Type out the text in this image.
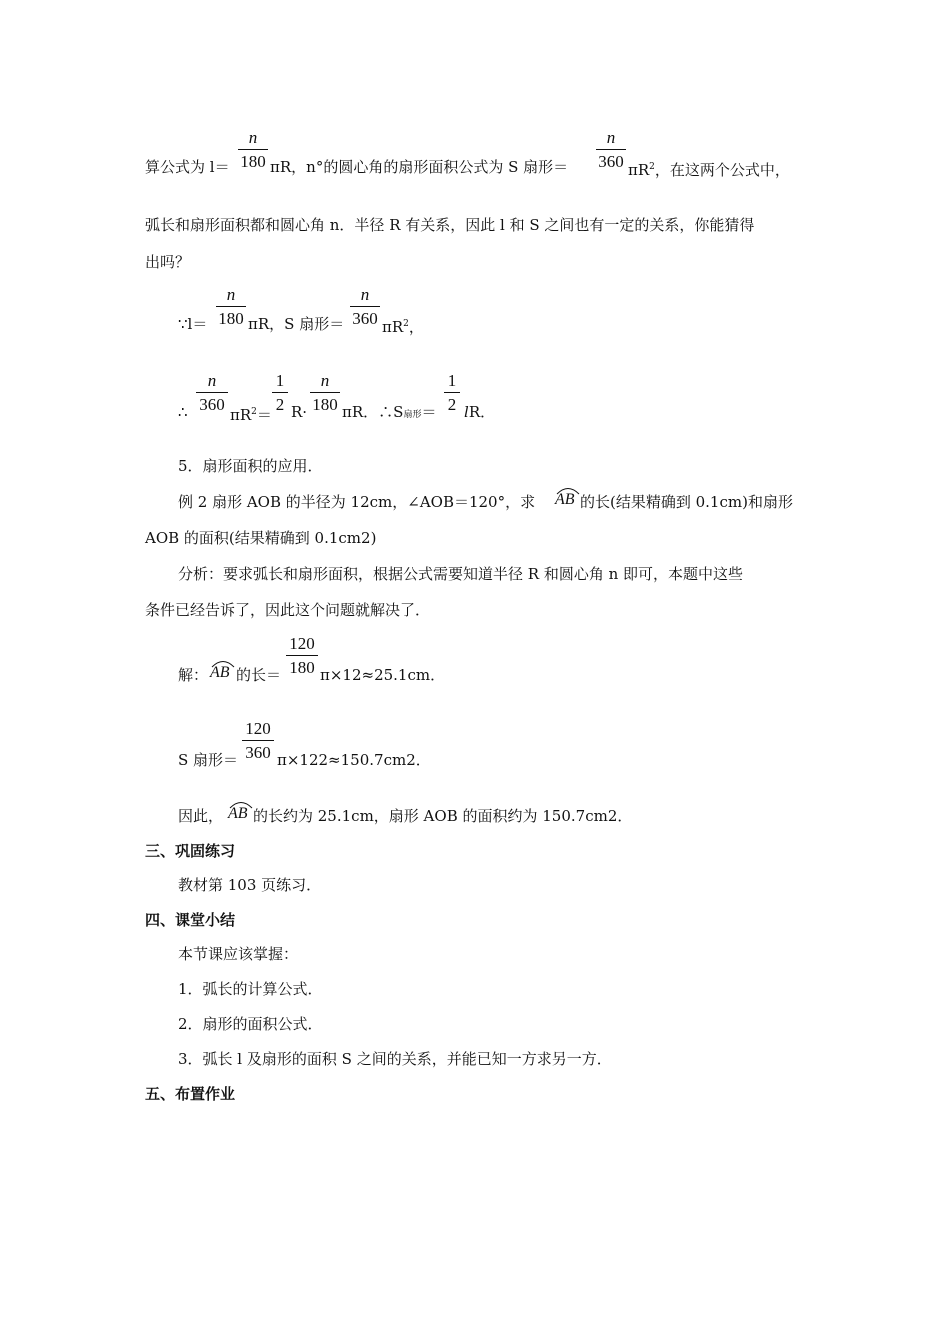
算公式为 l＝
n
180 πR，n°的圆心角的扇形面积公式为 S 扇形＝
n
360 $\pi R^2$，在这两个公式中，
弧长和扇形面积都和圆心角 n．半径 R 有关系，因此 l 和 S 之间也有一定的关系，你能猜得
出吗？
∵l＝
n
180 πR，S 扇形＝
n
360 $\pi R^2$，
∴
n
360
$\pi R^2=$
1
2 R·
n
180 πR．∴S扇形＝
1
2 lR．
5．扇形面积的应用．
例 2 扇形 AOB 的半径为 12cm，∠AOB＝120°，求 AB 的长(结果精确到 0.1cm)和扇形
AOB 的面积(结果精确到 0.1cm2)
分析：要求弧长和扇形面积，根据公式需要知道半径 R 和圆心角 n 即可，本题中这些
条件已经告诉了，因此这个问题就解决了．
解： AB 的长＝
120
180 π×12≈25.1cm．
S 扇形＝
120
360 π×122≈150.7cm2．
因此， AB 的长约为 25.1cm，扇形 AOB 的面积约为 150.7cm2．
三、巩固练习
教材第 103 页练习．
四、课堂小结
本节课应该掌握：
1．弧长的计算公式．
2．扇形的面积公式．
3．弧长 l 及扇形的面积 S 之间的关系，并能已知一方求另一方．
五、布置作业
